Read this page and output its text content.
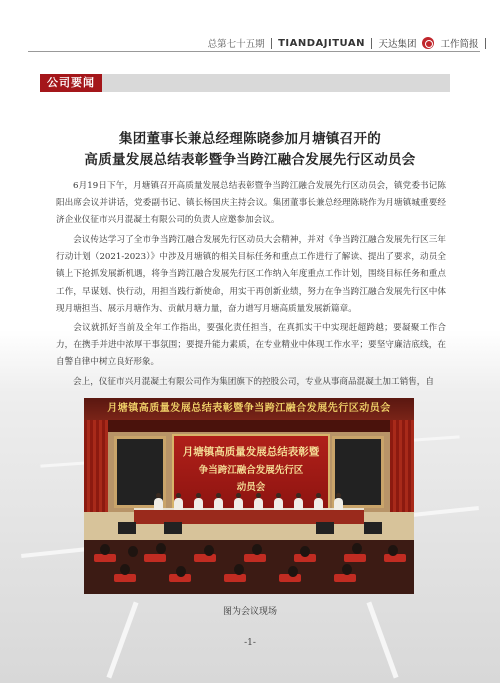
总第七十五期 TIANDAJITUAN 天达集团	工作简报
公司要闻
集团董事长兼总经理陈晓参加月塘镇召开的
高质量发展总结表彰暨争当跨江融合发展先行区动员会

6月19日下午，月塘镇召开高质量发展总结表彰暨争当跨江融合发展先行区动员会，镇党委书记陈阳出席会议并讲话，党委副书记、镇长杨国庆主持会议。集团董事长兼总经理陈晓作为月塘镇城重要经济企业仪征市兴月混凝土有限公司的负责人应邀参加会议。

会议传达学习了全市争当跨江融合发展先行区动员大会精神，并对《争当跨江融合发展先行区三年行动计划（2021-2023）》中涉及月塘镇的相关目标任务和重点工作进行了解读、提出了要求，动员全镇上下抢抓发展新机遇，将争当跨江融合发展先行区工作纳入年度重点工作计划，围绕目标任务和重点工作，早谋划、快行动，用担当践行新使命，用实干再创新业绩，努力在争当跨江融合发展先行区中体现月塘担当、展示月塘作为、贡献月塘力量，奋力谱写月塘高质量发展新篇章。

会议就抓好当前及全年工作指出，要强化责任担当，在真抓实干中实现赶超跨越；要凝聚工作合力，在携手并进中浓厚干事氛围；要提升能力素质，在专业精业中体现工作水平；要坚守廉洁底线，在自警自律中树立良好形象。

会上，仪征市兴月混凝土有限公司作为集团旗下的控股公司，专业从事商品混凝土加工销售，自

月塘镇高质量发展总结表彰暨争当跨江融合发展先行区动员会
月塘镇高质量发展总结表彰暨
争当跨江融合发展先行区
动员会
图为会议现场
-1-
